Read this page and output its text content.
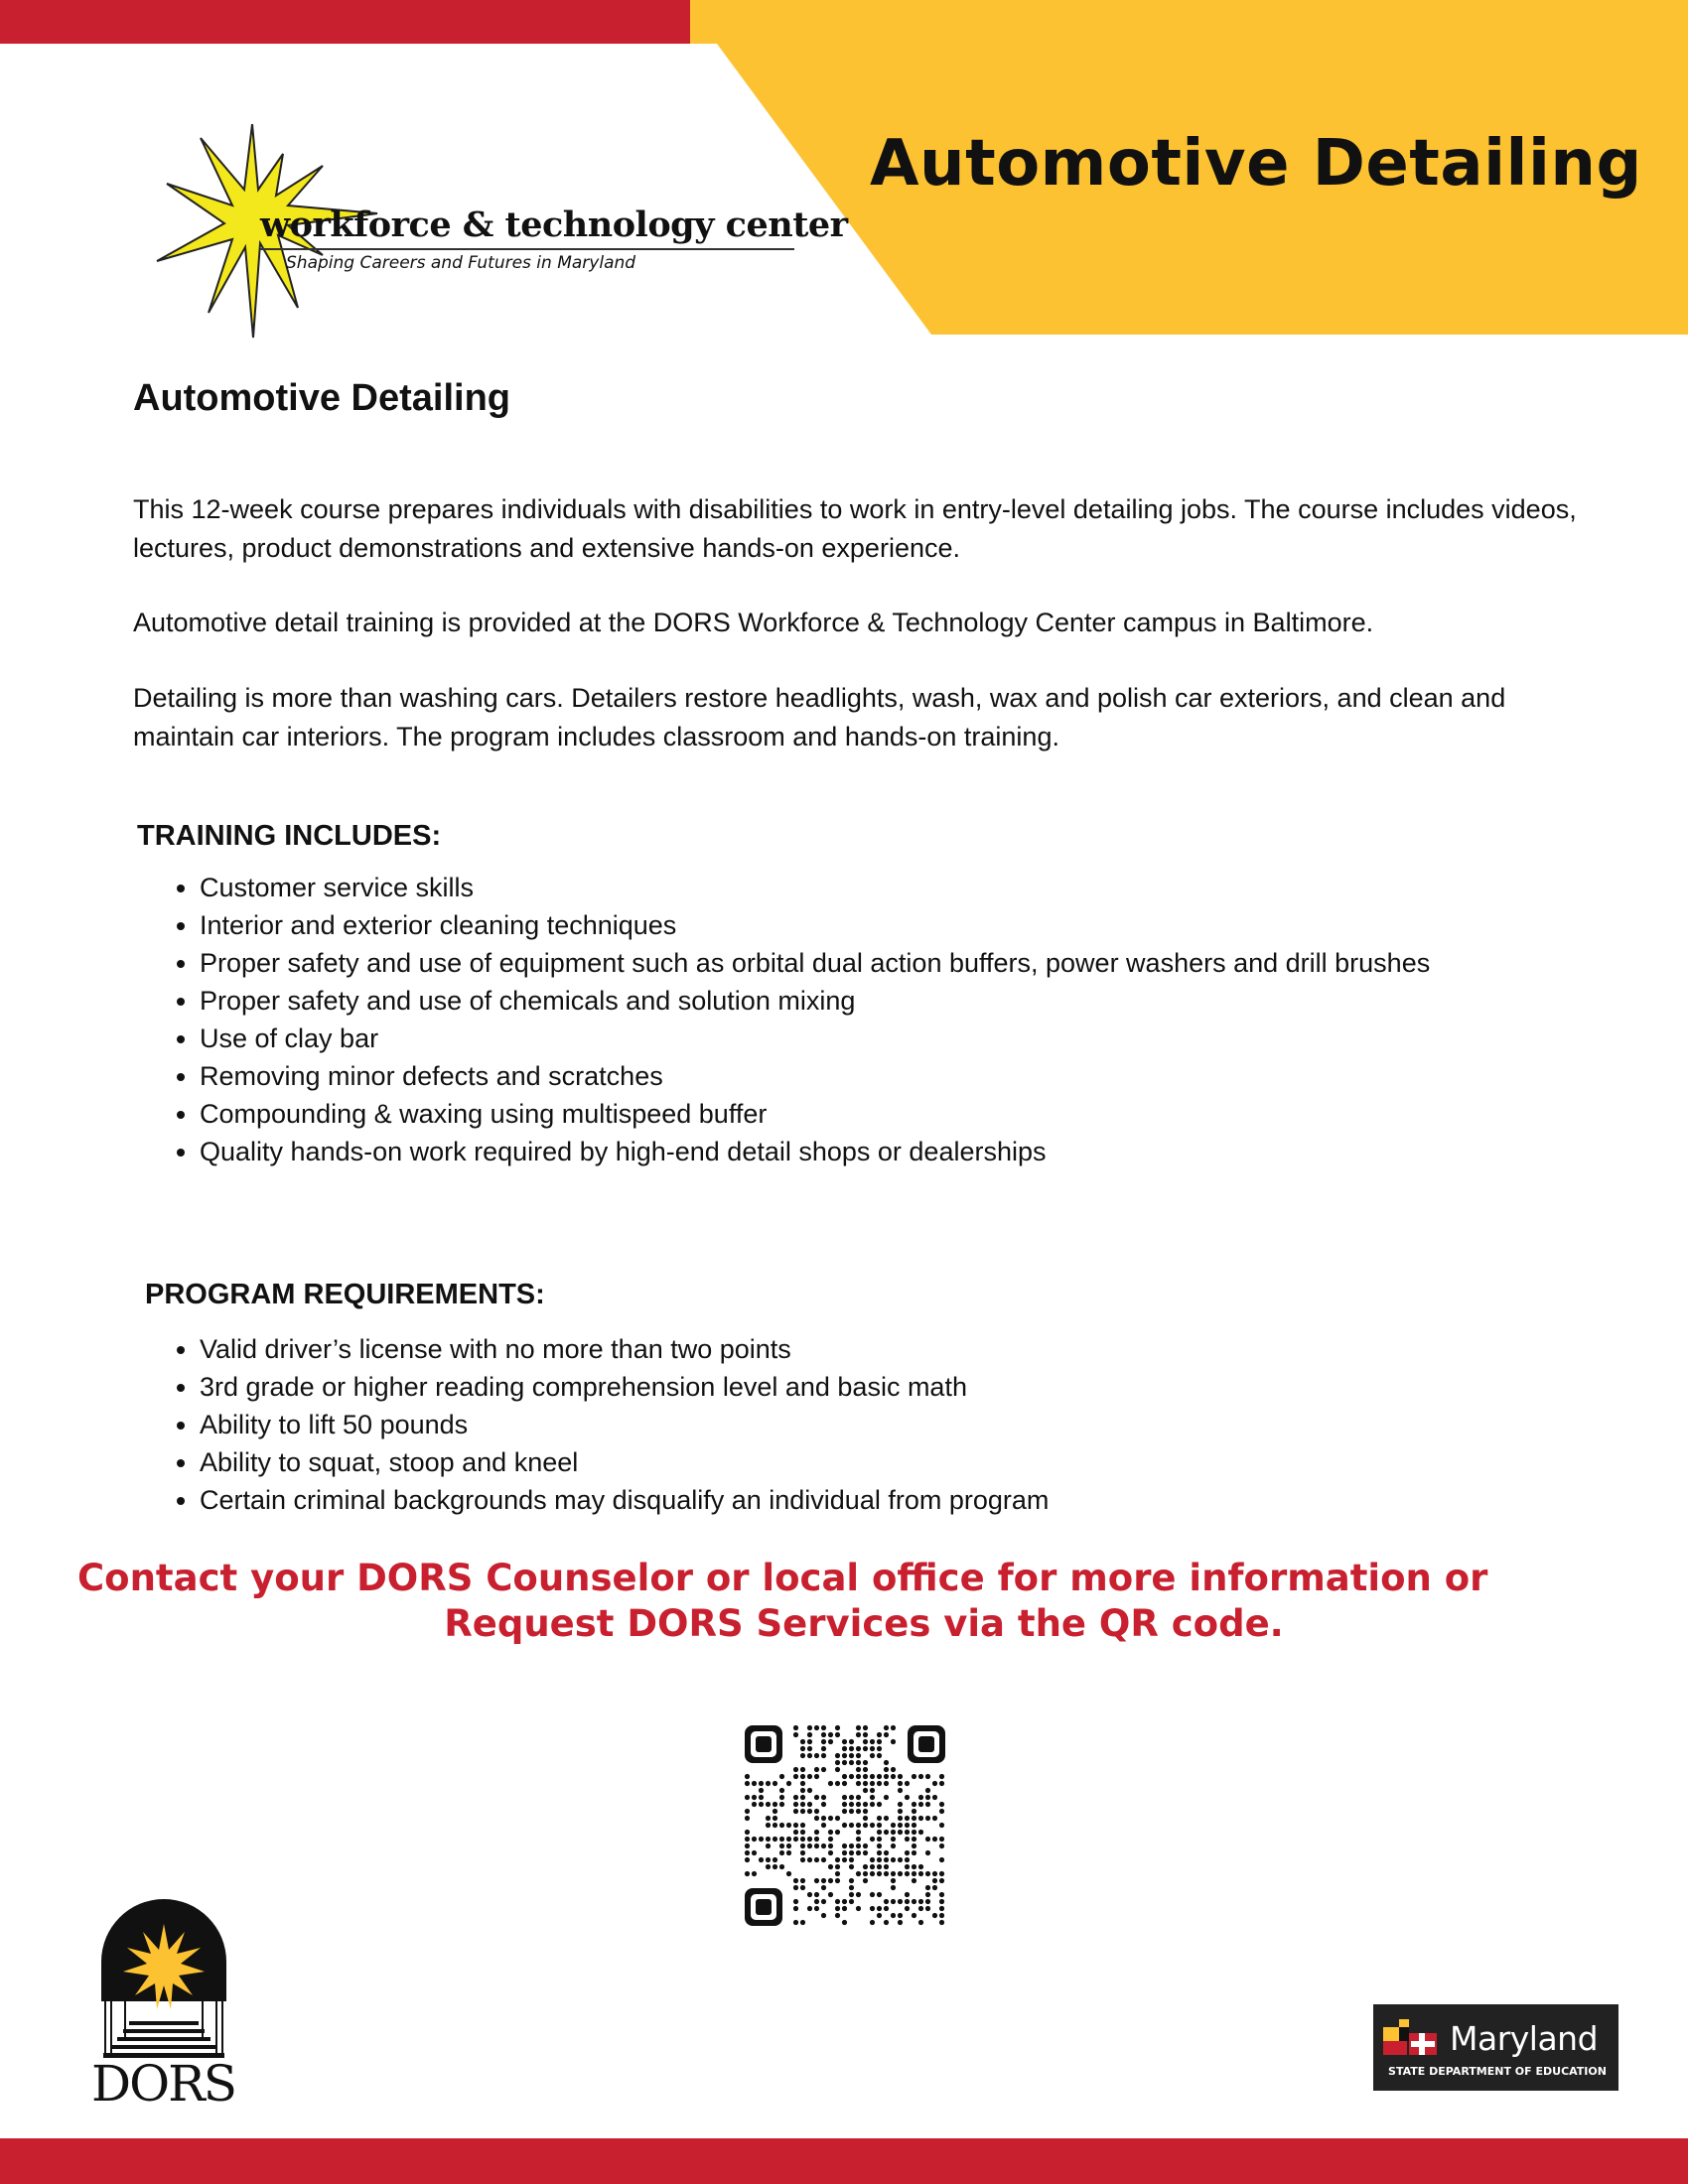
Automotive Detailing
workforce & technology center
Shaping Careers and Futures in Maryland
Automotive Detailing

This 12-week course prepares individuals with disabilities to work in entry-level detailing jobs. The course includes videos, lectures, product demonstrations and extensive hands-on experience.

Automotive detail training is provided at the DORS Workforce & Technology Center campus in Baltimore.

Detailing is more than washing cars. Detailers restore headlights, wash, wax and polish car exteriors, and clean and maintain car interiors. The program includes classroom and hands-on training.

TRAINING INCLUDES:
• Customer service skills
• Interior and exterior cleaning techniques
• Proper safety and use of equipment such as orbital dual action buffers, power washers and drill brushes
• Proper safety and use of chemicals and solution mixing
• Use of clay bar
• Removing minor defects and scratches
• Compounding & waxing using multispeed buffer
• Quality hands-on work required by high-end detail shops or dealerships
PROGRAM REQUIREMENTS:
• Valid driver’s license with no more than two points
• 3rd grade or higher reading comprehension level and basic math
• Ability to lift 50 pounds
• Ability to squat, stoop and kneel
• Certain criminal backgrounds may disqualify an individual from program
Contact your DORS Counselor or local office for more information or
Request DORS Services via the QR code.
DORS
Maryland
STATE DEPARTMENT OF EDUCATION
